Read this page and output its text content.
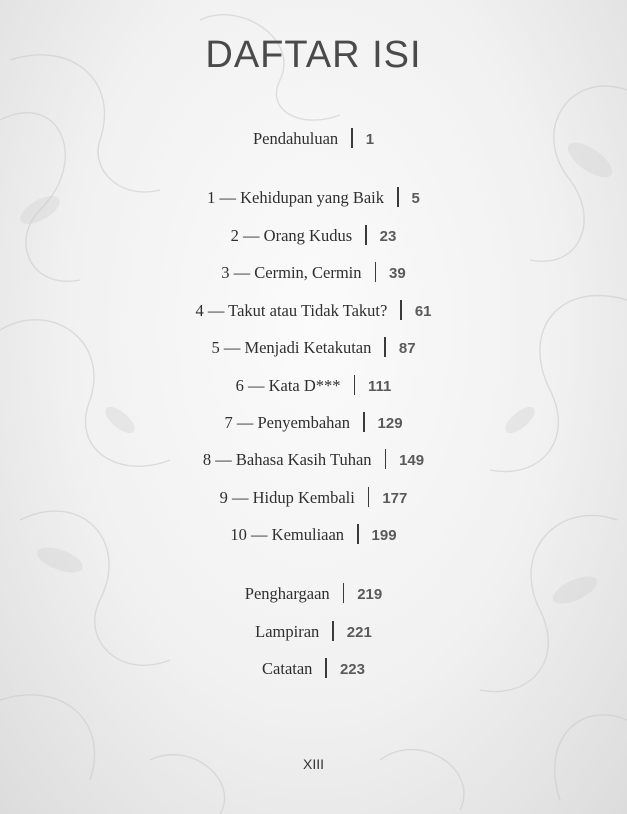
DAFTAR ISI
Pendahuluan 1
1 — Kehidupan yang Baik 5
2 — Orang Kudus 23
3 — Cermin, Cermin 39
4 — Takut atau Tidak Takut? 61
5 — Menjadi Ketakutan 87
6 — Kata D*** 111
7 — Penyembahan 129
8 — Bahasa Kasih Tuhan 149
9 — Hidup Kembali 177
10 — Kemuliaan 199
Penghargaan 219
Lampiran 221
Catatan 223
XIII
